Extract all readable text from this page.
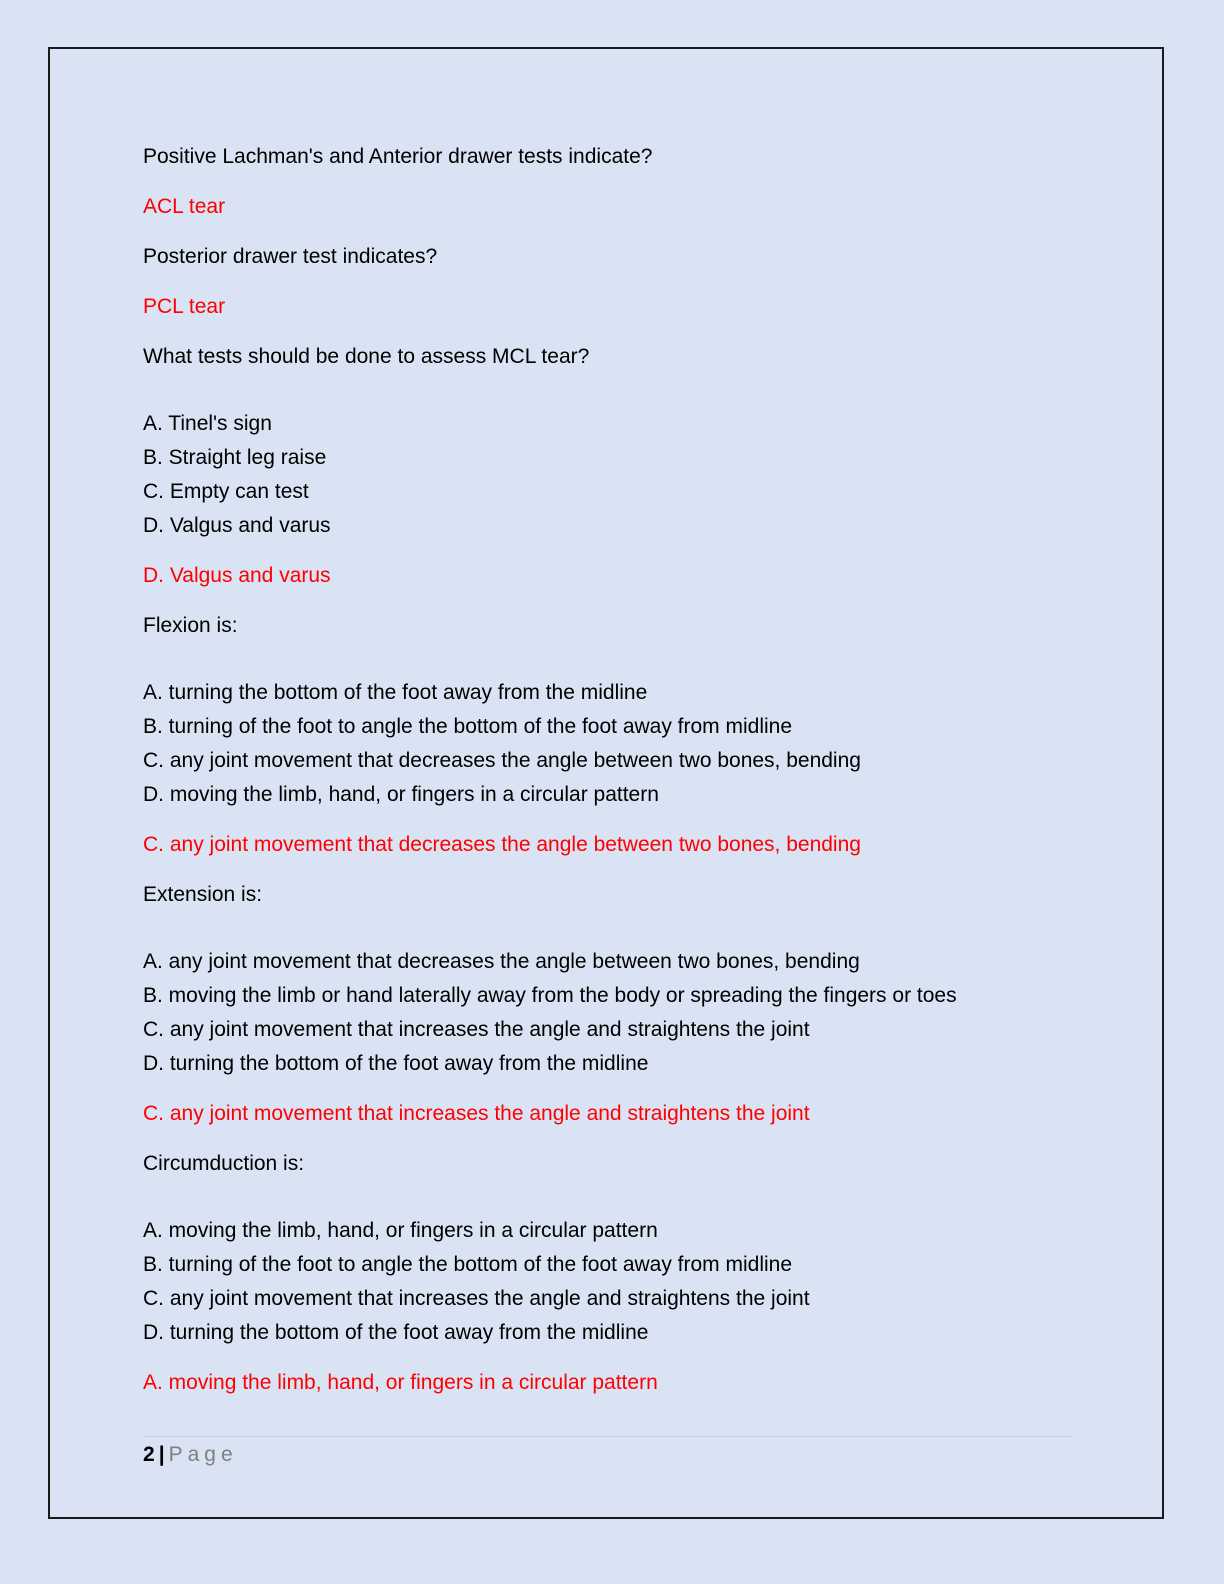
Positive Lachman's and Anterior drawer tests indicate?
ACL tear
Posterior drawer test indicates?
PCL tear
What tests should be done to assess MCL tear?
A. Tinel's sign
B. Straight leg raise
C. Empty can test
D. Valgus and varus
D. Valgus and varus
Flexion is:
A. turning the bottom of the foot away from the midline
B. turning of the foot to angle the bottom of the foot away from midline
C. any joint movement that decreases the angle between two bones, bending
D. moving the limb, hand, or fingers in a circular pattern
C. any joint movement that decreases the angle between two bones, bending
Extension is:
A. any joint movement that decreases the angle between two bones, bending
B. moving the limb or hand laterally away from the body or spreading the fingers or toes
C. any joint movement that increases the angle and straightens the joint
D. turning the bottom of the foot away from the midline
C. any joint movement that increases the angle and straightens the joint
Circumduction is:
A. moving the limb, hand, or fingers in a circular pattern
B. turning of the foot to angle the bottom of the foot away from midline
C. any joint movement that increases the angle and straightens the joint
D. turning the bottom of the foot away from the midline
A. moving the limb, hand, or fingers in a circular pattern
2 | Page
